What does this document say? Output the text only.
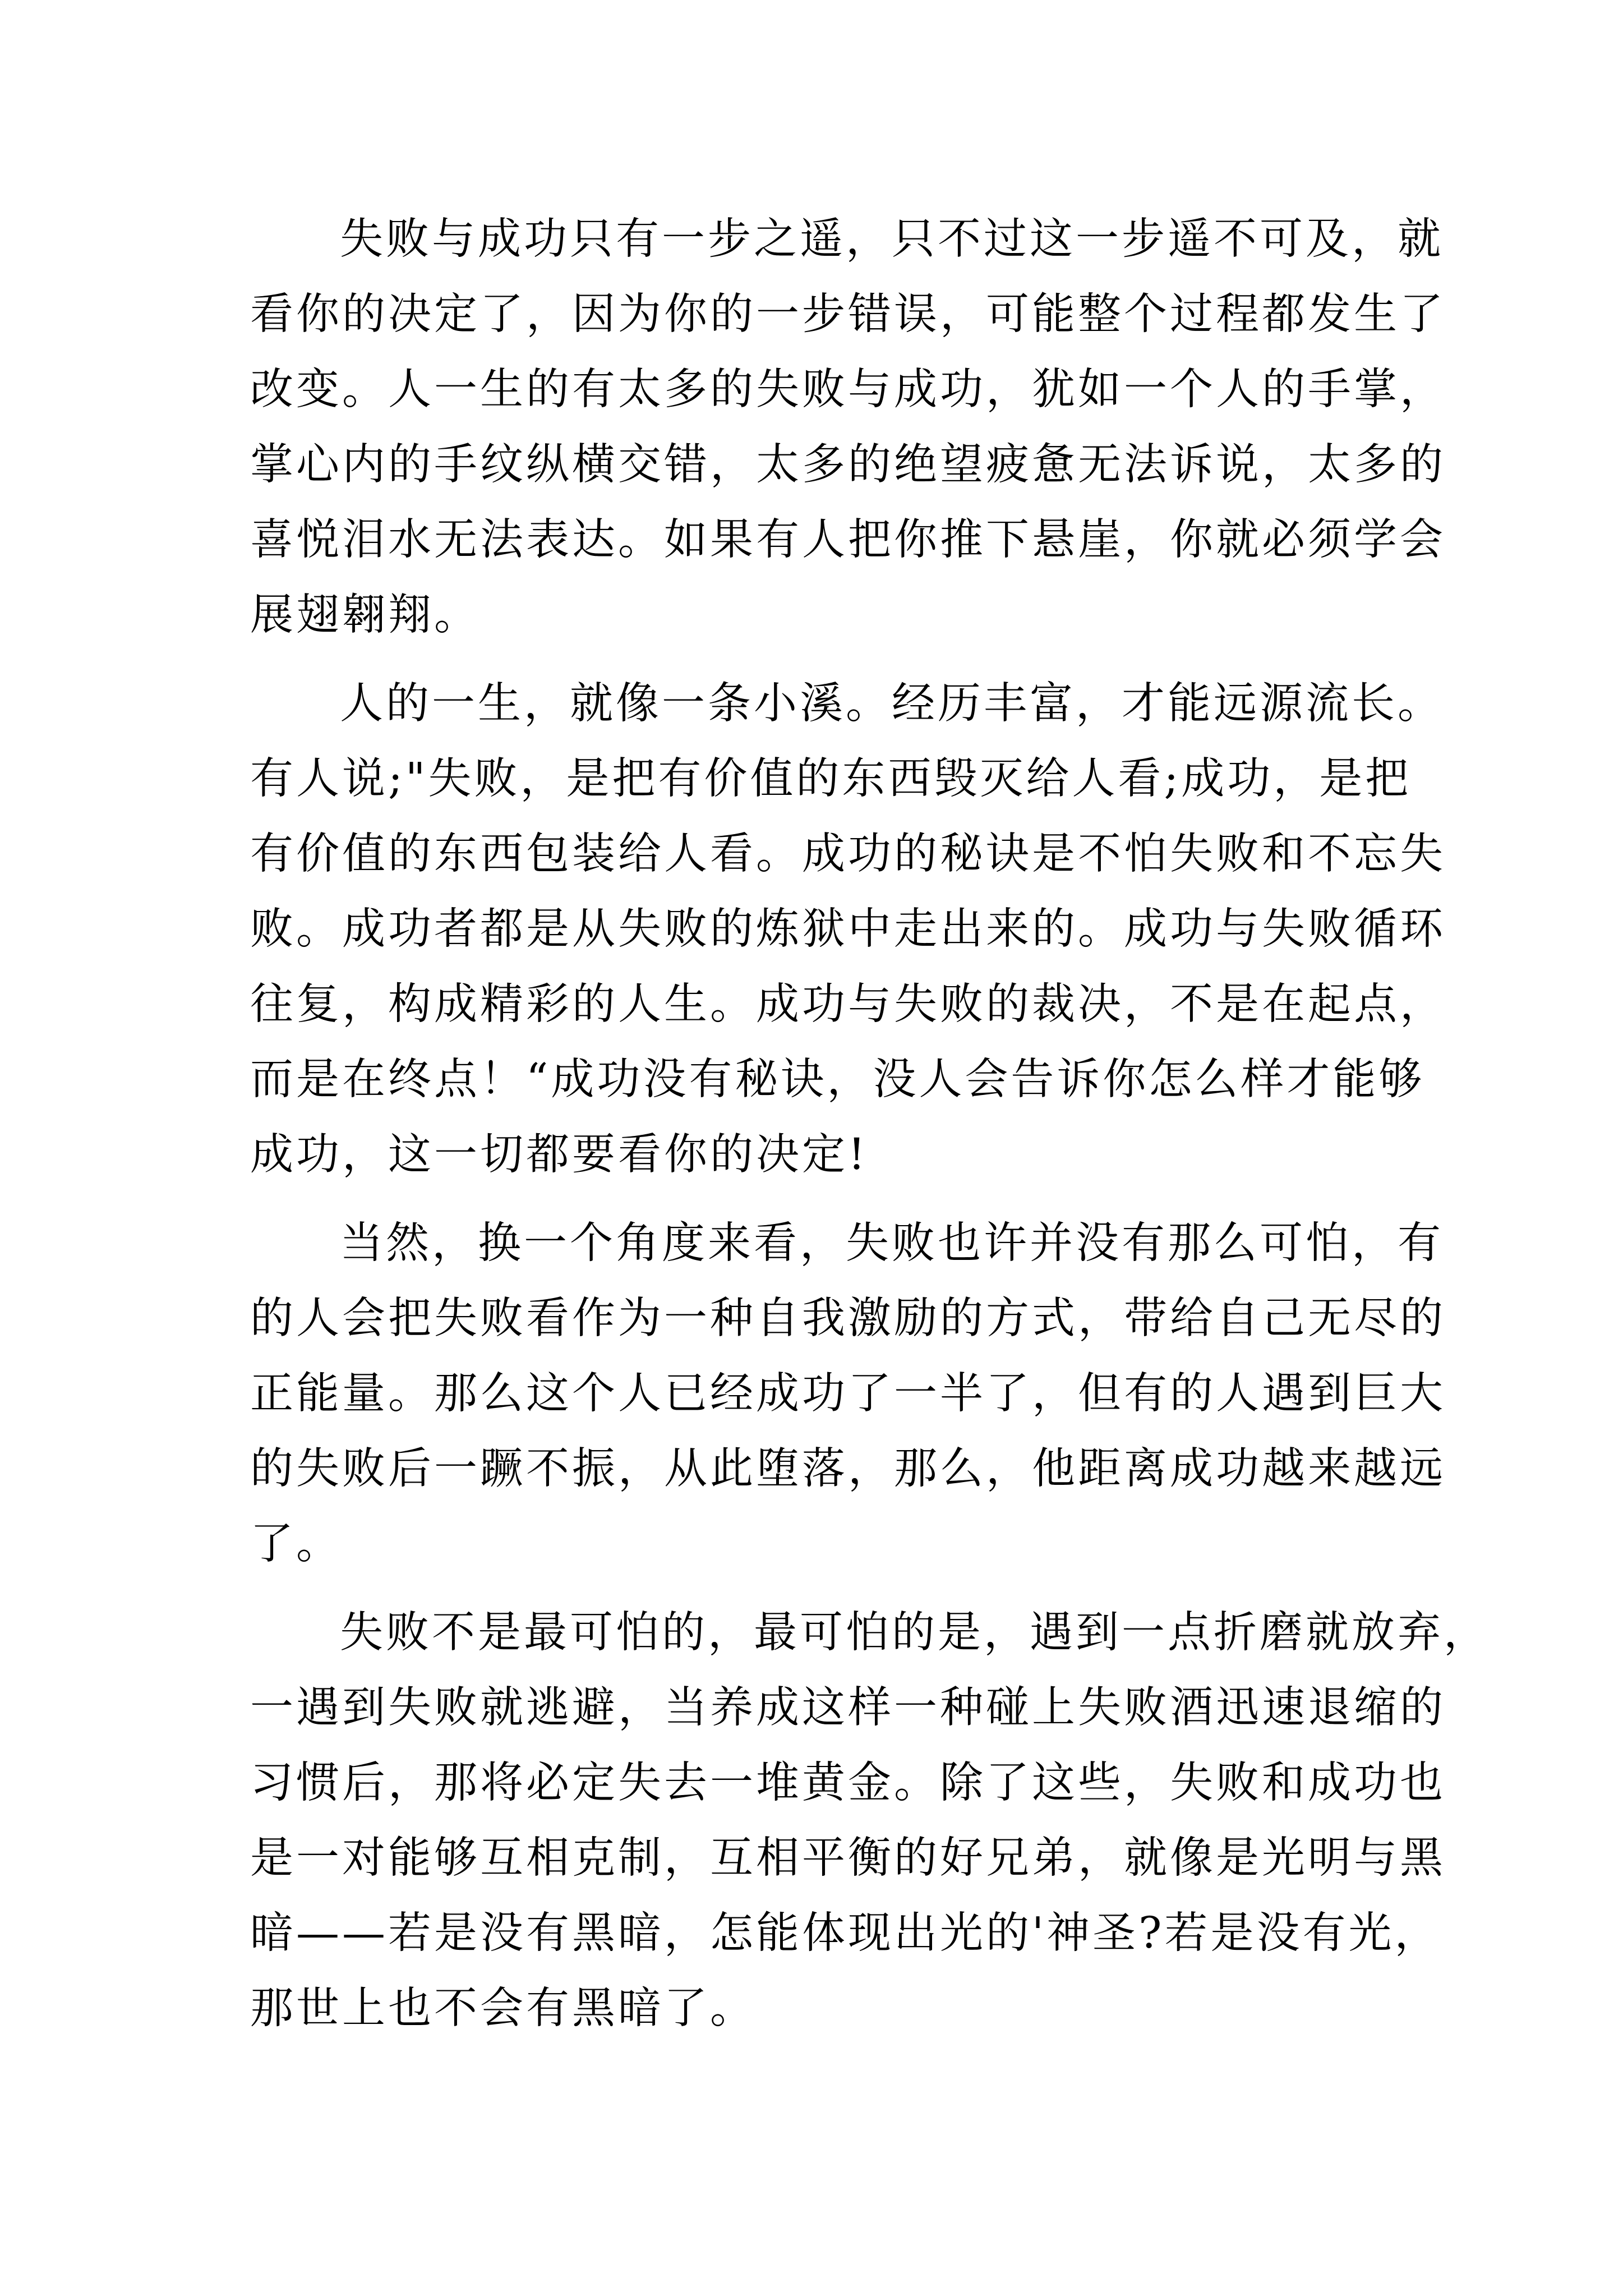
失败与成功只有一步之遥，只不过这一步遥不可及，就
看你的决定了，因为你的一步错误，可能整个过程都发生了
改变。人一生的有太多的失败与成功，犹如一个人的手掌，
掌心内的手纹纵横交错，太多的绝望疲惫无法诉说，太多的
喜悦泪水无法表达。如果有人把你推下悬崖，你就必须学会
展翅翱翔。
人的一生，就像一条小溪。经历丰富，才能远源流长。
有人说;"失败，是把有价值的东西毁灭给人看;成功，是把
有价值的东西包装给人看。成功的秘诀是不怕失败和不忘失
败。成功者都是从失败的炼狱中走出来的。成功与失败循环
往复，构成精彩的人生。成功与失败的裁决，不是在起点，
而是在终点！“成功没有秘诀，没人会告诉你怎么样才能够
成功，这一切都要看你的决定!
当然，换一个角度来看，失败也许并没有那么可怕，有
的人会把失败看作为一种自我激励的方式，带给自己无尽的
正能量。那么这个人已经成功了一半了，但有的人遇到巨大
的失败后一蹶不振，从此堕落，那么，他距离成功越来越远
了。
失败不是最可怕的，最可怕的是，遇到一点折磨就放弃，
一遇到失败就逃避，当养成这样一种碰上失败酒迅速退缩的
习惯后，那将必定失去一堆黄金。除了这些，失败和成功也
是一对能够互相克制，互相平衡的好兄弟，就像是光明与黑
暗——若是没有黑暗，怎能体现出光的'神圣?若是没有光，
那世上也不会有黑暗了。
